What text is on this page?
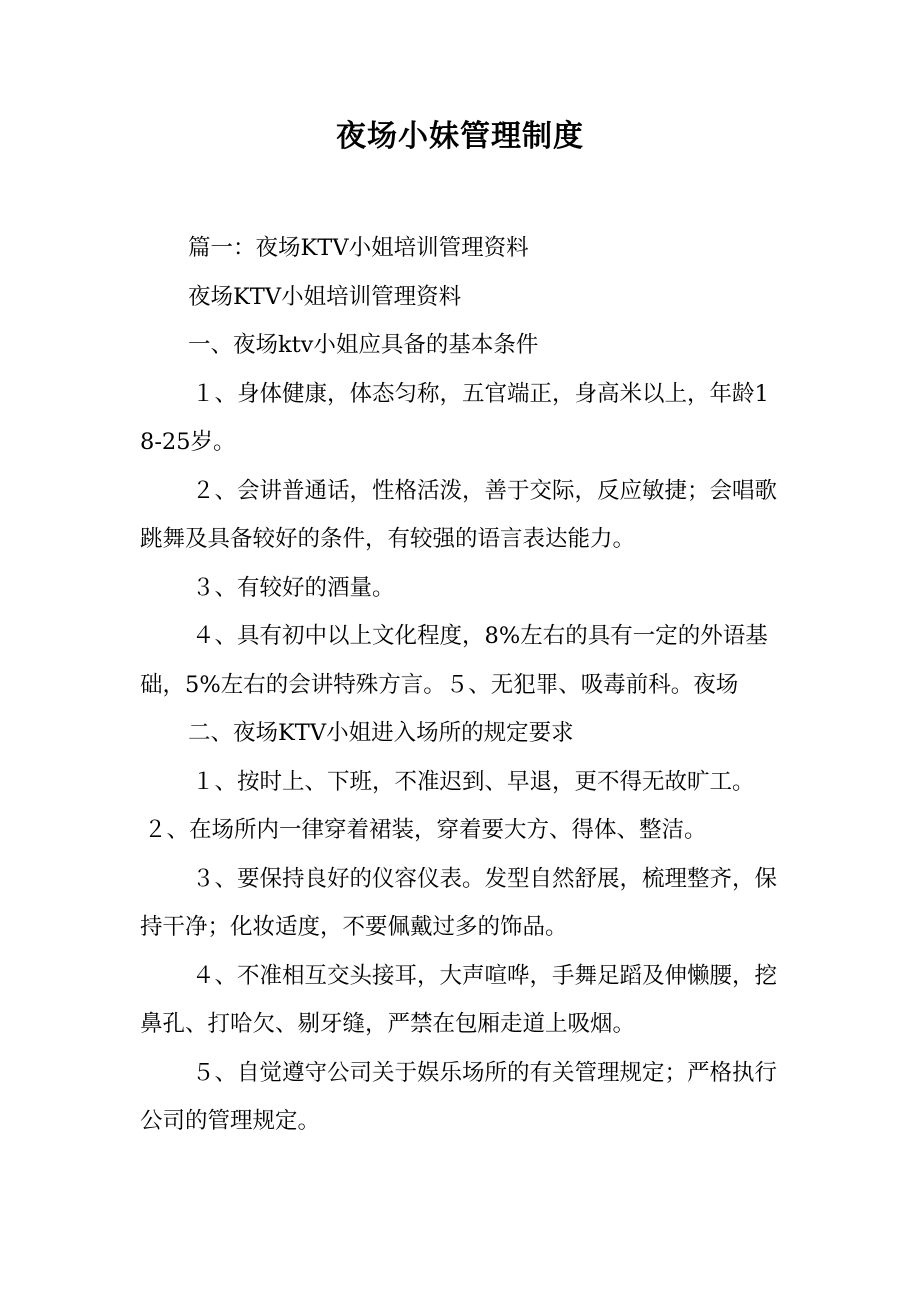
夜场小妹管理制度

篇一：夜场KTV小姐培训管理资料

夜场KTV小姐培训管理资料

一、夜场ktv小姐应具备的基本条件

１、身体健康，体态匀称，五官端正，身高米以上，年龄18-25岁。

２、会讲普通话，性格活泼，善于交际，反应敏捷；会唱歌跳舞及具备较好的条件，有较强的语言表达能力。

３、有较好的酒量。

４、具有初中以上文化程度，8%左右的具有一定的外语基础，5%左右的会讲特殊方言。５、无犯罪、吸毒前科。夜场

二、夜场KTV小姐进入场所的规定要求

１、按时上、下班，不准迟到、早退，更不得无故旷工。

２、在场所内一律穿着裙装，穿着要大方、得体、整洁。

３、要保持良好的仪容仪表。发型自然舒展，梳理整齐，保持干净；化妆适度，不要佩戴过多的饰品。

４、不准相互交头接耳，大声喧哗，手舞足蹈及伸懒腰，挖鼻孔、打哈欠、剔牙缝，严禁在包厢走道上吸烟。

５、自觉遵守公司关于娱乐场所的有关管理规定；严格执行公司的管理规定。
